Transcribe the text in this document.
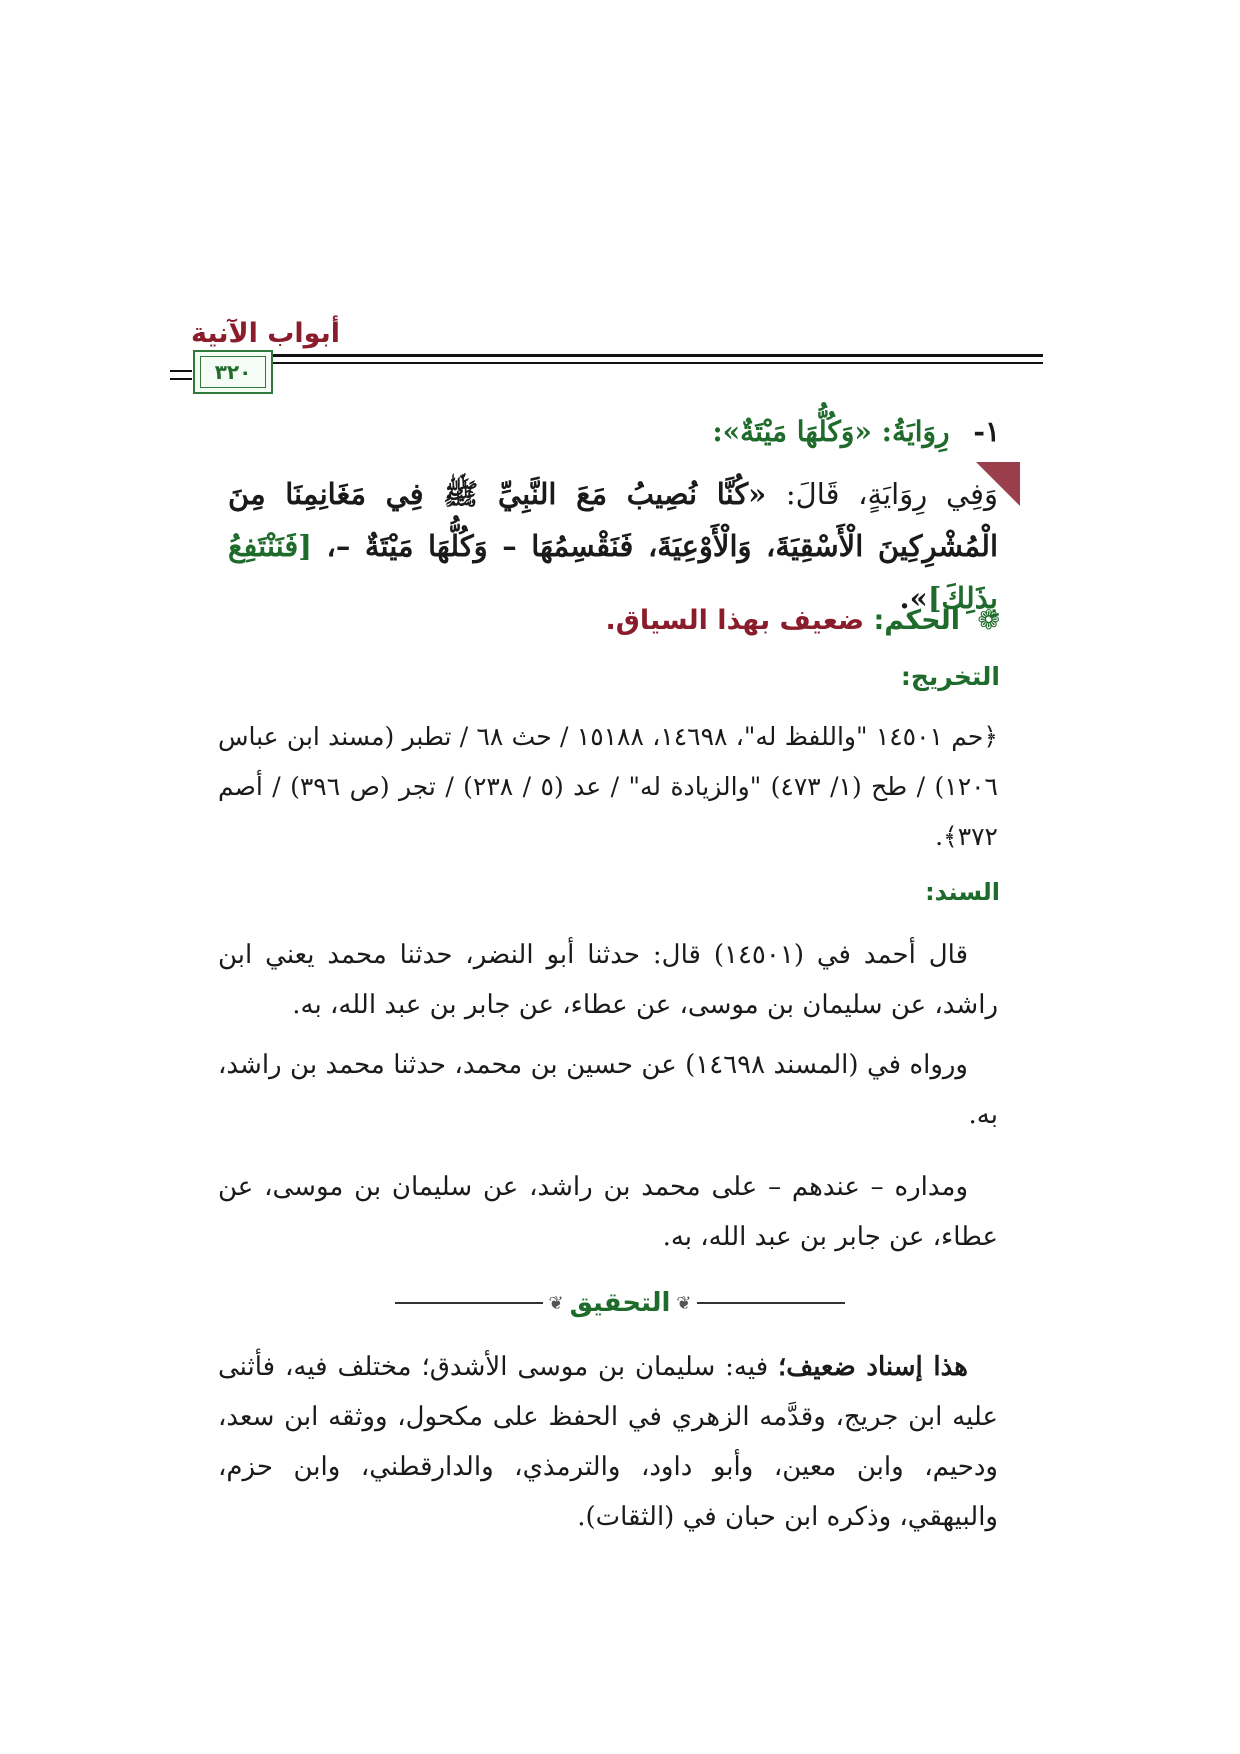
أبواب الآنية
٣٢٠
١- رِوَايَةُ: «وَكُلُّهَا مَيْتَةٌ»:
وَفِي رِوَايَةٍ، قَالَ: «كُنَّا نُصِيبُ مَعَ النَّبِيِّ ﷺ فِي مَغَانِمِنَا مِنَ الْمُشْرِكِينَ الْأَسْقِيَةَ، وَالْأَوْعِيَةَ، فَنَقْسِمُهَا – وَكُلُّهَا مَيْتَةٌ –، [فَنَنْتَفِعُ بِذَلِكَ]».
❁ الحكم: ضعيف بهذا السياق.
التخريج:
﴿حم ١٤٥٠١ "واللفظ له"، ١٤٦٩٨، ١٥١٨٨ / حث ٦٨ / تطبر (مسند ابن عباس ١٢٠٦) / طح (١/ ٤٧٣) "والزيادة له" / عد (٥ / ٢٣٨) / تجر (ص ٣٩٦) / أصم ٣٧٢﴾.
السند:
قال أحمد في (١٤٥٠١) قال: حدثنا أبو النضر، حدثنا محمد يعني ابن راشد، عن سليمان بن موسى، عن عطاء، عن جابر بن عبد الله، به.
ورواه في (المسند ١٤٦٩٨) عن حسين بن محمد، حدثنا محمد بن راشد، به.
ومداره – عندهم – على محمد بن راشد، عن سليمان بن موسى، عن عطاء، عن جابر بن عبد الله، به.
❦
التحقيق
❦
هذا إسناد ضعيف؛ فيه: سليمان بن موسى الأشدق؛ مختلف فيه، فأثنى عليه ابن جريج، وقدَّمه الزهري في الحفظ على مكحول، ووثقه ابن سعد، ودحيم، وابن معين، وأبو داود، والترمذي، والدارقطني، وابن حزم، والبيهقي، وذكره ابن حبان في (الثقات).
